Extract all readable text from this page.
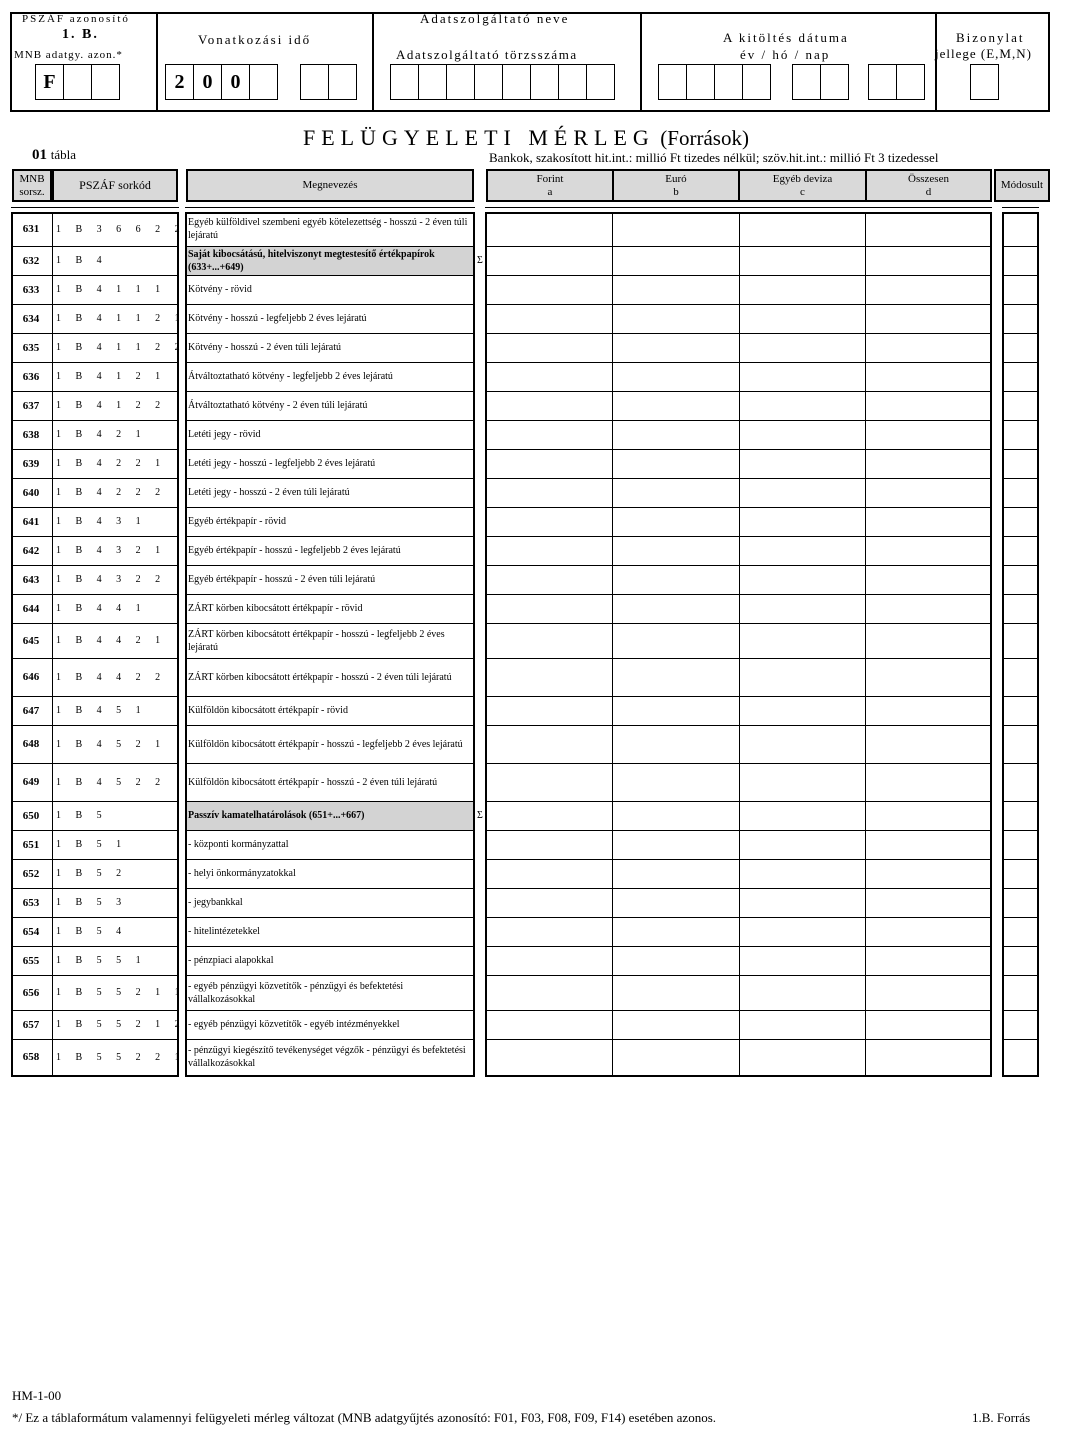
PSZÁF azonosító
1. B.
MNB adatgy. azon.*
F
Vonatkozási idő
2 0 0
Adatszolgáltató neve
Adatszolgáltató törzsszáma
A kitöltés dátuma
év / hó / nap
Bizonylat
jellege (E,M,N)
FELÜGYELETI MÉRLEG (Források)
01 tábla	Bankok, szakosított hit.int.: millió Ft tizedes nélkül; szöv.hit.int.: millió Ft 3 tizedessel
MNB
sorsz.	PSZÁF sorkód	Megnevezés
Forint
a
Euró
b
Egyéb deviza
c
Összesen
d
Módosult
631	1 B 3 6 6 2 2
Egyéb külföldivel szembeni egyéb kötelezettség - hosszú - 2 éven túli lejáratú
632	1 B 4
Saját kibocsátású, hitelviszonyt megtestesítő értékpapírok (633+...+649)
Σ
633	1 B 4 1 1 1 Kötvény - rövid
634	1 B 4 1 1 2 1 Kötvény - hosszú - legfeljebb 2 éves lejáratú
635	1 B 4 1 1 2 2 Kötvény - hosszú - 2 éven túli lejáratú
636	1 B 4 1 2 1 Átváltoztatható kötvény - legfeljebb 2 éves lejáratú
637	1 B 4 1 2 2 Átváltoztatható kötvény - 2 éven túli lejáratú
638	1 B 4 2 1	Letéti jegy - rövid
639	1 B 4 2 2 1 Letéti jegy - hosszú - legfeljebb 2 éves lejáratú
640	1 B 4 2 2 2 Letéti jegy - hosszú - 2 éven túli lejáratú
641	1 B 4 3 1	Egyéb értékpapír - rövid
642	1 B 4 3 2 1 Egyéb értékpapír - hosszú - legfeljebb 2 éves lejáratú
643	1 B 4 3 2 2 Egyéb értékpapír - hosszú - 2 éven túli lejáratú
644	1 B 4 4 1	ZÁRT körben kibocsátott értékpapír - rövid
645	1 B 4 4 2 1
ZÁRT körben kibocsátott értékpapír - hosszú - legfeljebb 2 éves lejáratú
646	1 B 4 4 2 2 ZÁRT körben kibocsátott értékpapír - hosszú - 2 éven túli lejáratú
647	1 B 4 5 1	Külföldön kibocsátott értékpapír - rövid
648	1 B 4 5 2 1 Külföldön kibocsátott értékpapír - hosszú - legfeljebb 2 éves lejáratú
649	1 B 4 5 2 2 Külföldön kibocsátott értékpapír - hosszú - 2 éven túli lejáratú
650	1 B 5	Passzív kamatelhatárolások (651+...+667)	Σ
651	1 B 5 1	- központi kormányzattal
652	1 B 5 2	- helyi önkormányzatokkal
653	1 B 5 3	- jegybankkal
654	1 B 5 4	- hitelintézetekkel
655	1 B 5 5 1	- pénzpiaci alapokkal
656	1 B 5 5 2 1 1
- egyéb pénzügyi közvetítők - pénzügyi és befektetési vállalkozásokkal
657	1 B 5 5 2 1 2 - egyéb pénzügyi közvetítők - egyéb intézményekkel
658	1 B 5 5 2 2 1
- pénzügyi kiegészítő tevékenységet végzők - pénzügyi és befektetési vállalkozásokkal
HM-1-00
*/ Ez a táblaformátum valamennyi felügyeleti mérleg változat (MNB adatgyűjtés azonosító: F01, F03, F08, F09, F14) esetében azonos.	1.B. Forrás
